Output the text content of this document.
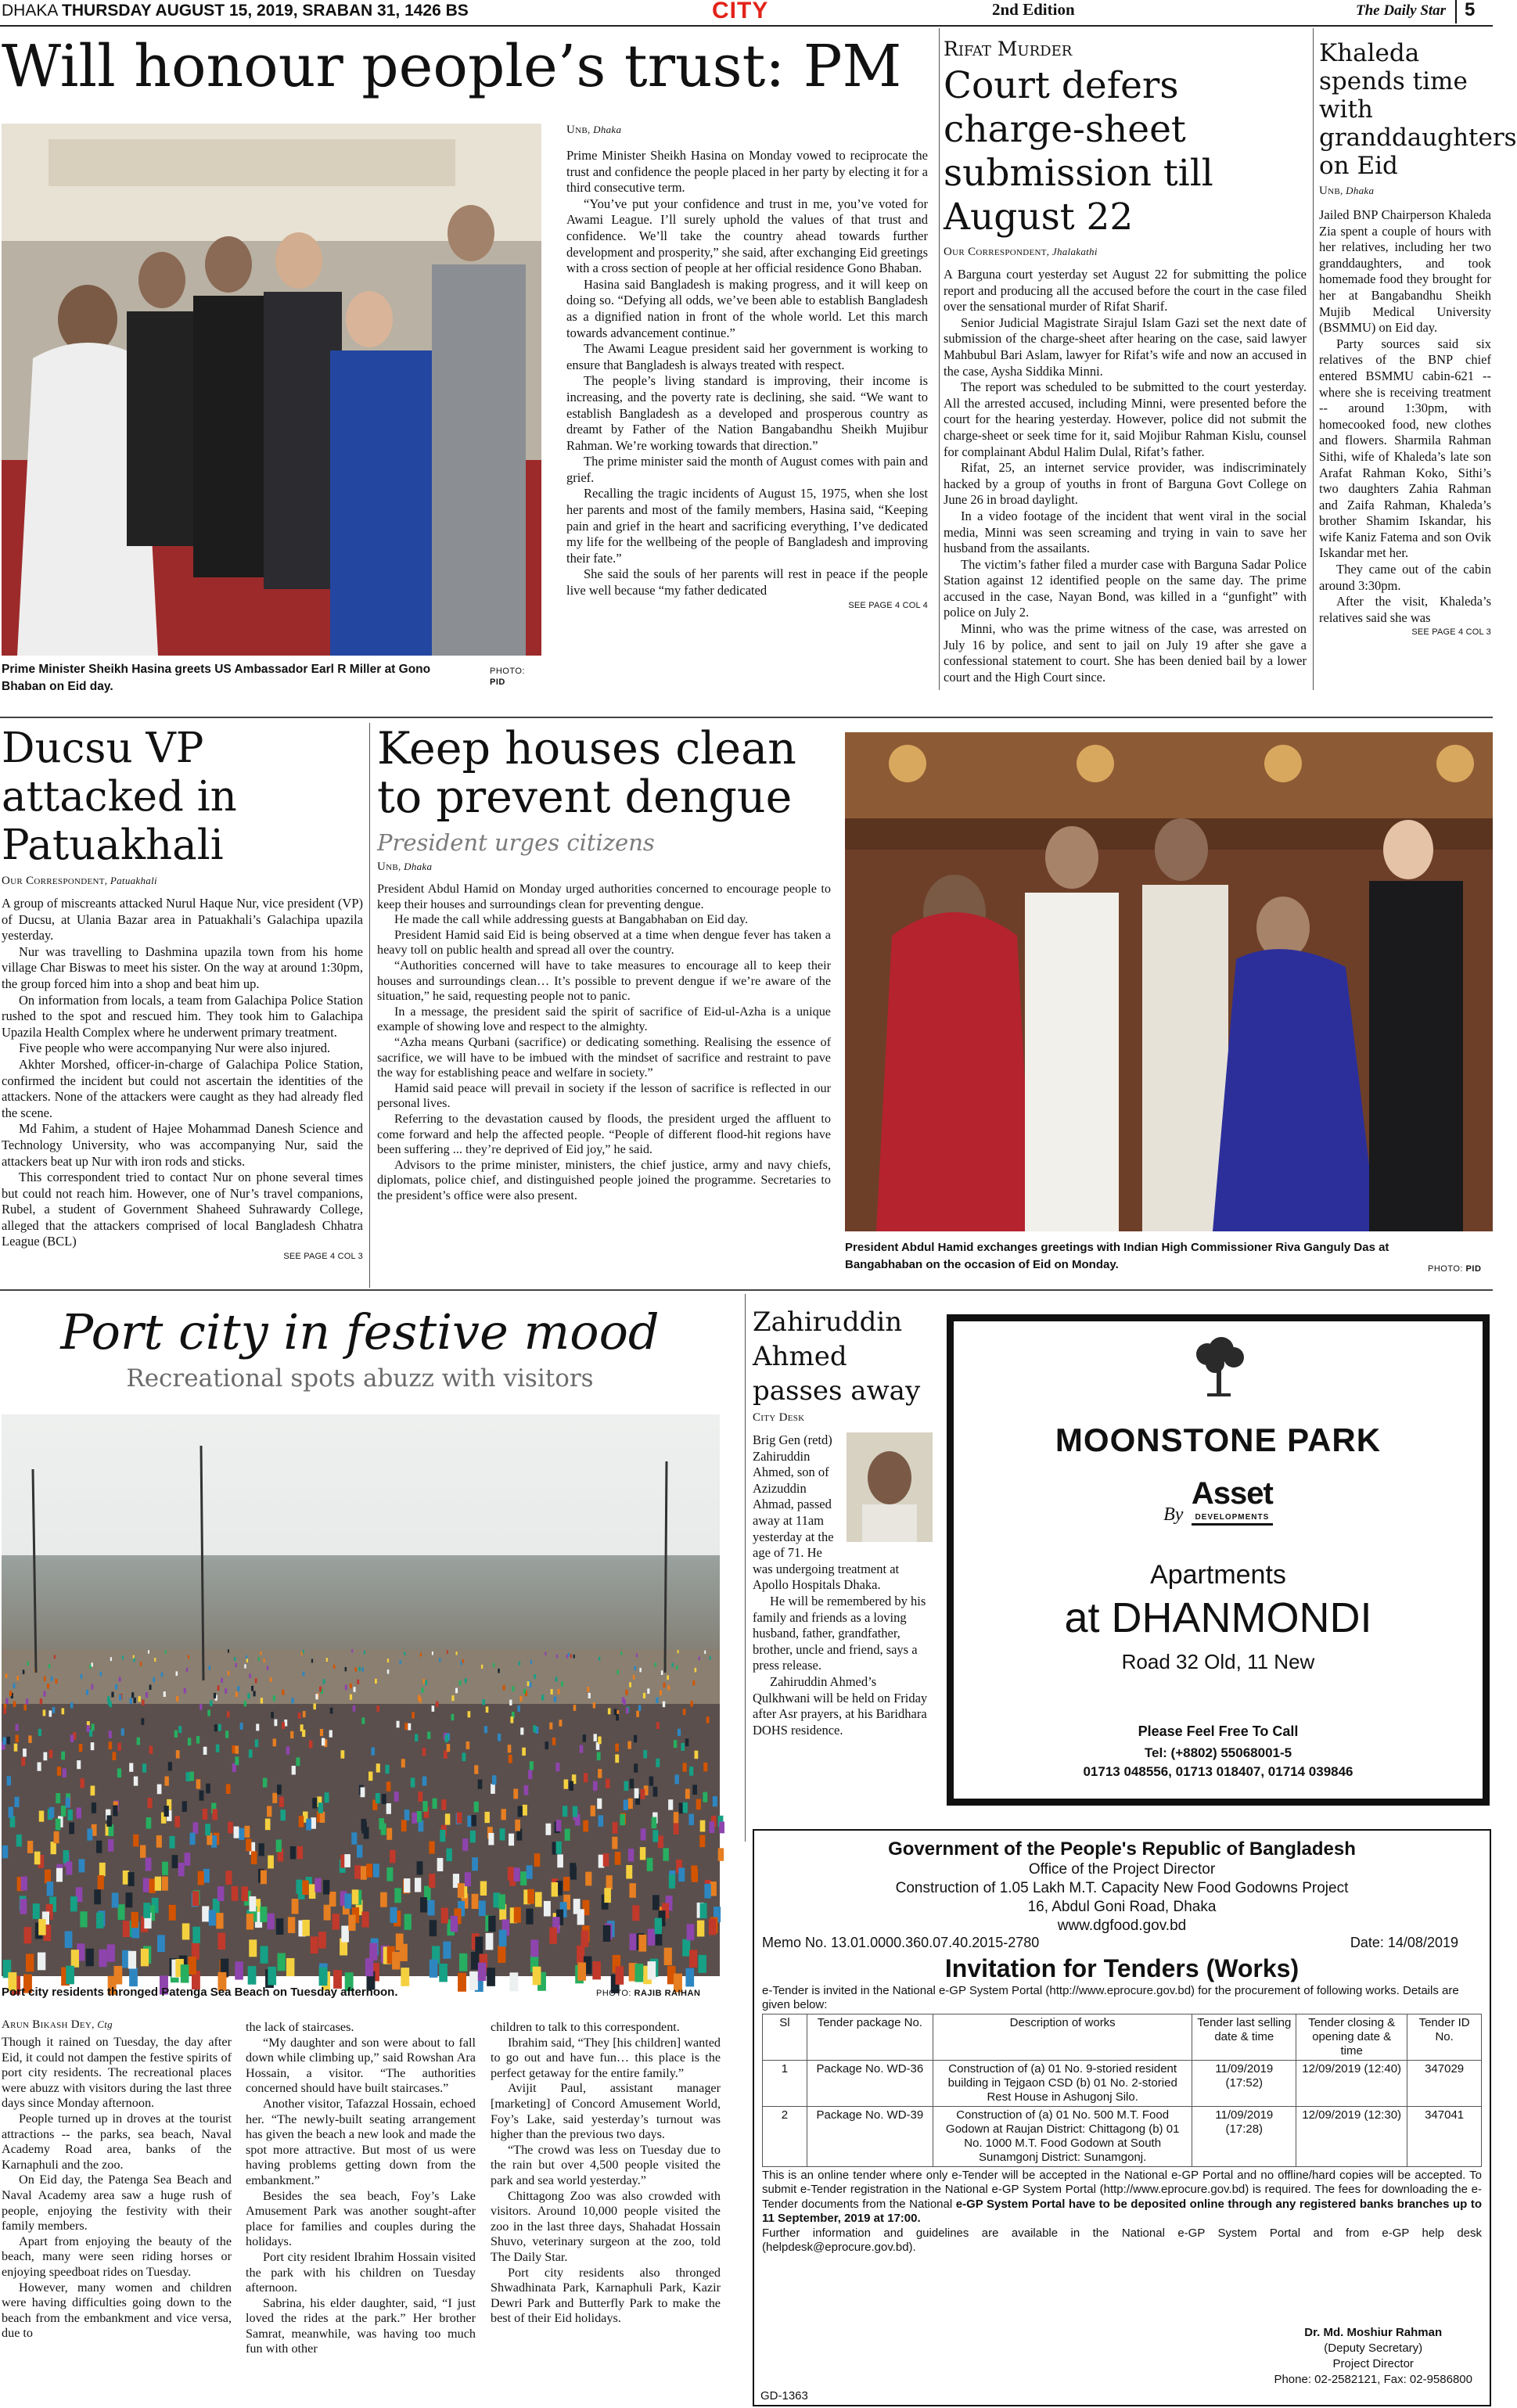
DHAKA THURSDAY AUGUST 15, 2019, SRABAN 31, 1426 BS	CITY	2nd Edition	The Daily Star 5
Will honour people’s trust: PM
Prime Minister Sheikh Hasina greets US Ambassador Earl R Miller at Gono Bhaban on Eid day.
PHOTO:
PID
Unb, Dhaka

Prime Minister Sheikh Hasina on Monday vowed to reciprocate the trust and confidence the people placed in her party by electing it for a third consecutive term.

“You’ve put your confidence and trust in me, you’ve voted for Awami League. I’ll surely uphold the values of that trust and confidence. We’ll take the country ahead towards further development and prosperity,” she said, after exchanging Eid greetings with a cross section of people at her official residence Gono Bhaban.

Hasina said Bangladesh is making progress, and it will keep on doing so. “Defying all odds, we’ve been able to establish Bangladesh as a dignified nation in front of the whole world. Let this march towards advancement continue.”

The Awami League president said her government is working to ensure that Bangladesh is always treated with respect.

The people’s living standard is improving, their income is increasing, and the poverty rate is declining, she said. “We want to establish Bangladesh as a developed and prosperous country as dreamt by Father of the Nation Bangabandhu Sheikh Mujibur Rahman. We’re working towards that direction.”

The prime minister said the month of August comes with pain and grief.

Recalling the tragic incidents of August 15, 1975, when she lost her parents and most of the family members, Hasina said, “Keeping pain and grief in the heart and sacrificing everything, I’ve dedicated my life for the wellbeing of the people of Bangladesh and improving their fate.”

She said the souls of her parents will rest in peace if the people live well because “my father dedicated

SEE PAGE 4 COL 4
Rifat Murder
Court defers charge-sheet submission till August 22
Our Correspondent, Jhalakathi

A Barguna court yesterday set August 22 for submitting the police report and producing all the accused before the court in the case filed over the sensational murder of Rifat Sharif.

Senior Judicial Magistrate Sirajul Islam Gazi set the next date of submission of the charge-sheet after hearing on the case, said lawyer Mahbubul Bari Aslam, lawyer for Rifat’s wife and now an accused in the case, Aysha Siddika Minni.

The report was scheduled to be submitted to the court yesterday. All the arrested accused, including Minni, were presented before the court for the hearing yesterday. However, police did not submit the charge-sheet or seek time for it, said Mojibur Rahman Kislu, counsel for complainant Abdul Halim Dulal, Rifat’s father.

Rifat, 25, an internet service provider, was indiscriminately hacked by a group of youths in front of Barguna Govt College on June 26 in broad daylight.

In a video footage of the incident that went viral in the social media, Minni was seen screaming and trying in vain to save her husband from the assailants.

The victim’s father filed a murder case with Barguna Sadar Police Station against 12 identified people on the same day. The prime accused in the case, Nayan Bond, was killed in a “gunfight” with police on July 2.

Minni, who was the prime witness of the case, was arrested on July 16 by police, and sent to jail on July 19 after she gave a confessional statement to court. She has been denied bail by a lower court and the High Court since.

Khaleda spends time with granddaughters on Eid
Unb, Dhaka

Jailed BNP Chairperson Khaleda Zia spent a couple of hours with her relatives, including her two granddaughters, and took homemade food they brought for her at Bangabandhu Sheikh Mujib Medical University (BSMMU) on Eid day.

Party sources said six relatives of the BNP chief entered BSMMU cabin-621 -- where she is receiving treatment -- around 1:30pm, with homecooked food, new clothes and flowers. Sharmila Rahman Sithi, wife of Khaleda’s late son Arafat Rahman Koko, Sithi’s two daughters Zahia Rahman and Zaifa Rahman, Khaleda’s brother Shamim Iskandar, his wife Kaniz Fatema and son Ovik Iskandar met her.

They came out of the cabin around 3:30pm.

After the visit, Khaleda’s relatives said she was

SEE PAGE 4 COL 3
Ducsu VP attacked in Patuakhali
Our Correspondent, Patuakhali

A group of miscreants attacked Nurul Haque Nur, vice president (VP) of Ducsu, at Ulania Bazar area in Patuakhali’s Galachipa upazila yesterday.

Nur was travelling to Dashmina upazila town from his home village Char Biswas to meet his sister. On the way at around 1:30pm, the group forced him into a shop and beat him up.

On information from locals, a team from Galachipa Police Station rushed to the spot and rescued him. They took him to Galachipa Upazila Health Complex where he underwent primary treatment.

Five people who were accompanying Nur were also injured.

Akhter Morshed, officer-in-charge of Galachipa Police Station, confirmed the incident but could not ascertain the identities of the attackers. None of the attackers were caught as they had already fled the scene.

Md Fahim, a student of Hajee Mohammad Danesh Science and Technology University, who was accompanying Nur, said the attackers beat up Nur with iron rods and sticks.

This correspondent tried to contact Nur on phone several times but could not reach him. However, one of Nur’s travel companions, Rubel, a student of Government Shaheed Suhrawardy College, alleged that the attackers comprised of local Bangladesh Chhatra League (BCL)

SEE PAGE 4 COL 3
Keep houses clean to prevent dengue
President urges citizens
Unb, Dhaka

President Abdul Hamid on Monday urged authorities concerned to encourage people to keep their houses and surroundings clean for preventing dengue.

He made the call while addressing guests at Bangabhaban on Eid day.

President Hamid said Eid is being observed at a time when dengue fever has taken a heavy toll on public health and spread all over the country.

“Authorities concerned will have to take measures to encourage all to keep their houses and surroundings clean… It’s possible to prevent dengue if we’re aware of the situation,” he said, requesting people not to panic.

In a message, the president said the spirit of sacrifice of Eid-ul-Azha is a unique example of showing love and respect to the almighty.

“Azha means Qurbani (sacrifice) or dedicating something. Realising the essence of sacrifice, we will have to be imbued with the mindset of sacrifice and restraint to pave the way for establishing peace and welfare in society.”

Hamid said peace will prevail in society if the lesson of sacrifice is reflected in our personal lives.

Referring to the devastation caused by floods, the president urged the affluent to come forward and help the affected people. “People of different flood-hit regions have been suffering ... they’re deprived of Eid joy,” he said.

Advisors to the prime minister, ministers, the chief justice, army and navy chiefs, diplomats, police chief, and distinguished people joined the programme. Secretaries to the president’s office were also present.

President Abdul Hamid exchanges greetings with Indian High Commissioner Riva Ganguly Das at Bangabhaban on the occasion of Eid on Monday.	PHOTO: PID
Port city in festive mood
Recreational spots abuzz with visitors
Port city residents thronged Patenga Sea Beach on Tuesday afternoon.	PHOTO: RAJIB RAIHAN
Arun Bikash Dey, Ctg

Though it rained on Tuesday, the day after Eid, it could not dampen the festive spirits of port city residents. The recreational places were abuzz with visitors during the last three days since Monday afternoon.

People turned up in droves at the tourist attractions -- the parks, sea beach, Naval Academy Road area, banks of the Karnaphuli and the zoo.

On Eid day, the Patenga Sea Beach and Naval Academy area saw a huge rush of people, enjoying the festivity with their family members.

Apart from enjoying the beauty of the beach, many were seen riding horses or enjoying speedboat rides on Tuesday.

However, many women and children were having difficulties going down to the beach from the embankment and vice versa, due to

the lack of staircases.

“My daughter and son were about to fall down while climbing up,” said Rowshan Ara Hossain, a visitor. “The authorities concerned should have built staircases.”

Another visitor, Tafazzal Hossain, echoed her. “The newly-built seating arrangement has given the beach a new look and made the spot more attractive. But most of us were having problems getting down from the embankment.”

Besides the sea beach, Foy’s Lake Amusement Park was another sought-after place for families and couples during the holidays.

Port city resident Ibrahim Hossain visited the park with his children on Tuesday afternoon.

Sabrina, his elder daughter, said, “I just loved the rides at the park.” Her brother Samrat, meanwhile, was having too much fun with other

children to talk to this correspondent.

Ibrahim said, “They [his children] wanted to go out and have fun… this place is the perfect getaway for the entire family.”

Avijit Paul, assistant manager [marketing] of Concord Amusement World, Foy’s Lake, said yesterday’s turnout was higher than the previous two days.

“The crowd was less on Tuesday due to the rain but over 4,500 people visited the park and sea world yesterday.”

Chittagong Zoo was also crowded with visitors. Around 10,000 people visited the zoo in the last three days, Shahadat Hossain Shuvo, veterinary surgeon at the zoo, told The Daily Star.

Port city residents also thronged Shwadhinata Park, Karnaphuli Park, Kazir Dewri Park and Butterfly Park to make the best of their Eid holidays.

Zahiruddin Ahmed passes away
City Desk

Brig Gen (retd) Zahiruddin Ahmed, son of Azizuddin Ahmad, passed away at 11am yesterday at the age of 71. He was undergoing treatment at Apollo Hospitals Dhaka.

He will be remembered by his family and friends as a loving husband, father, grandfather, brother, uncle and friend, says a press release.

Zahiruddin Ahmed’s Qulkhwani will be held on Friday after Asr prayers, at his Baridhara DOHS residence.

MOONSTONE PARK
By Asset
DEVELOPMENTS
Apartments
at DHANMONDI
Road 32 Old, 11 New
Please Feel Free To Call
Tel: (+8802) 55068001-5
01713 048556, 01713 018407, 01714 039846
Government of the People's Republic of Bangladesh
Office of the Project Director
Construction of 1.05 Lakh M.T. Capacity New Food Godowns Project
16, Abdul Goni Road, Dhaka
www.dgfood.gov.bd
Memo No. 13.01.0000.360.07.40.2015-2780	Date: 14/08/2019
Invitation for Tenders (Works)
e-Tender is invited in the National e-GP System Portal (http://www.eprocure.gov.bd) for the procurement of following works. Details are given below:
Sl	Tender package No.	Description of works	Tender last selling date & time	Tender closing & opening date & time	Tender ID No.
1	Package No. WD-36	Construction of (a) 01 No. 9-storied resident building in Tejgaon CSD (b) 01 No. 2-storied Rest House in Ashugonj Silo.	11/09/2019 (17:52)	12/09/2019 (12:40)	347029
2	Package No. WD-39	Construction of (a) 01 No. 500 M.T. Food Godown at Raujan District: Chittagong (b) 01 No. 1000 M.T. Food Godown at South Sunamgonj District: Sunamgonj.	11/09/2019 (17:28)	12/09/2019 (12:30)	347041
This is an online tender where only e-Tender will be accepted in the National e-GP Portal and no offline/hard copies will be accepted. To submit e-Tender registration in the National e-GP System Portal (http://www.eprocure.gov.bd) is required. The fees for downloading the e-Tender documents from the National e-GP System Portal have to be deposited online through any registered banks branches up to 11 September, 2019 at 17:00.
Further information and guidelines are available in the National e-GP System Portal and from e-GP help desk (helpdesk@eprocure.gov.bd).
Dr. Md. Moshiur Rahman
(Deputy Secretary)
Project Director
Phone: 02-2582121, Fax: 02-9586800
GD-1363
